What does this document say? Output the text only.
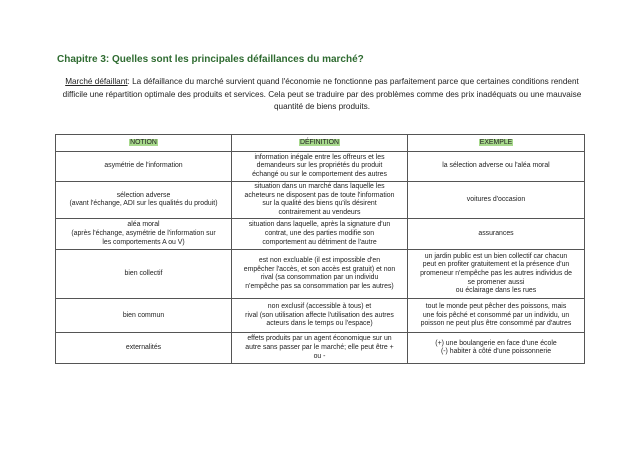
Chapitre 3: Quelles sont les principales défaillances du marché?
Marché défaillant: La défaillance du marché survient quand l'économie ne fonctionne pas parfaitement parce que certaines conditions rendent difficile une répartition optimale des produits et services. Cela peut se traduire par des problèmes comme des prix inadéquats ou une mauvaise quantité de biens produits.
NOTION	DÉFINITION	EXEMPLE

asymétrie de l'information	information inégale entre les offreurs et les
demandeurs sur les propriétés du produit
échangé ou sur le comportement des autres	la sélection adverse ou l'aléa moral

sélection adverse
(avant l'échange, ADI sur les qualités du produit)	situation dans un marché dans laquelle les
acheteurs ne disposent pas de toute l'information
sur la qualité des biens qu'ils désirent
contrairement au vendeurs	voitures d'occasion

aléa moral
(après l'échange, asymétrie de l'information sur
les comportements A ou V)	situation dans laquelle, après la signature d'un
contrat, une des parties modifie son
comportement au détriment de l'autre	assurances

bien collectif	est non excluable (il est impossible d'en
empêcher l'accès, et son accès est gratuit) et non
rival (sa consommation par un individu
n'empêche pas sa consommation par les autres)	un jardin public est un bien collectif car chacun
peut en profiter gratuitement et la présence d'un
promeneur n'empêche pas les autres individus de
se promener aussi
ou éclairage dans les rues

bien commun	non exclusif (accessible à tous) et
rival (son utilisation affecte l'utilisation des autres
acteurs dans le temps ou l'espace)	tout le monde peut pêcher des poissons, mais
une fois pêché et consommé par un individu, un
poisson ne peut plus être consommé par d'autres

externalités	effets produits par un agent économique sur un
autre sans passer par le marché; elle peut être +
ou -	(+) une boulangerie en face d'une école
(-) habiter à côté d'une poissonnerie
